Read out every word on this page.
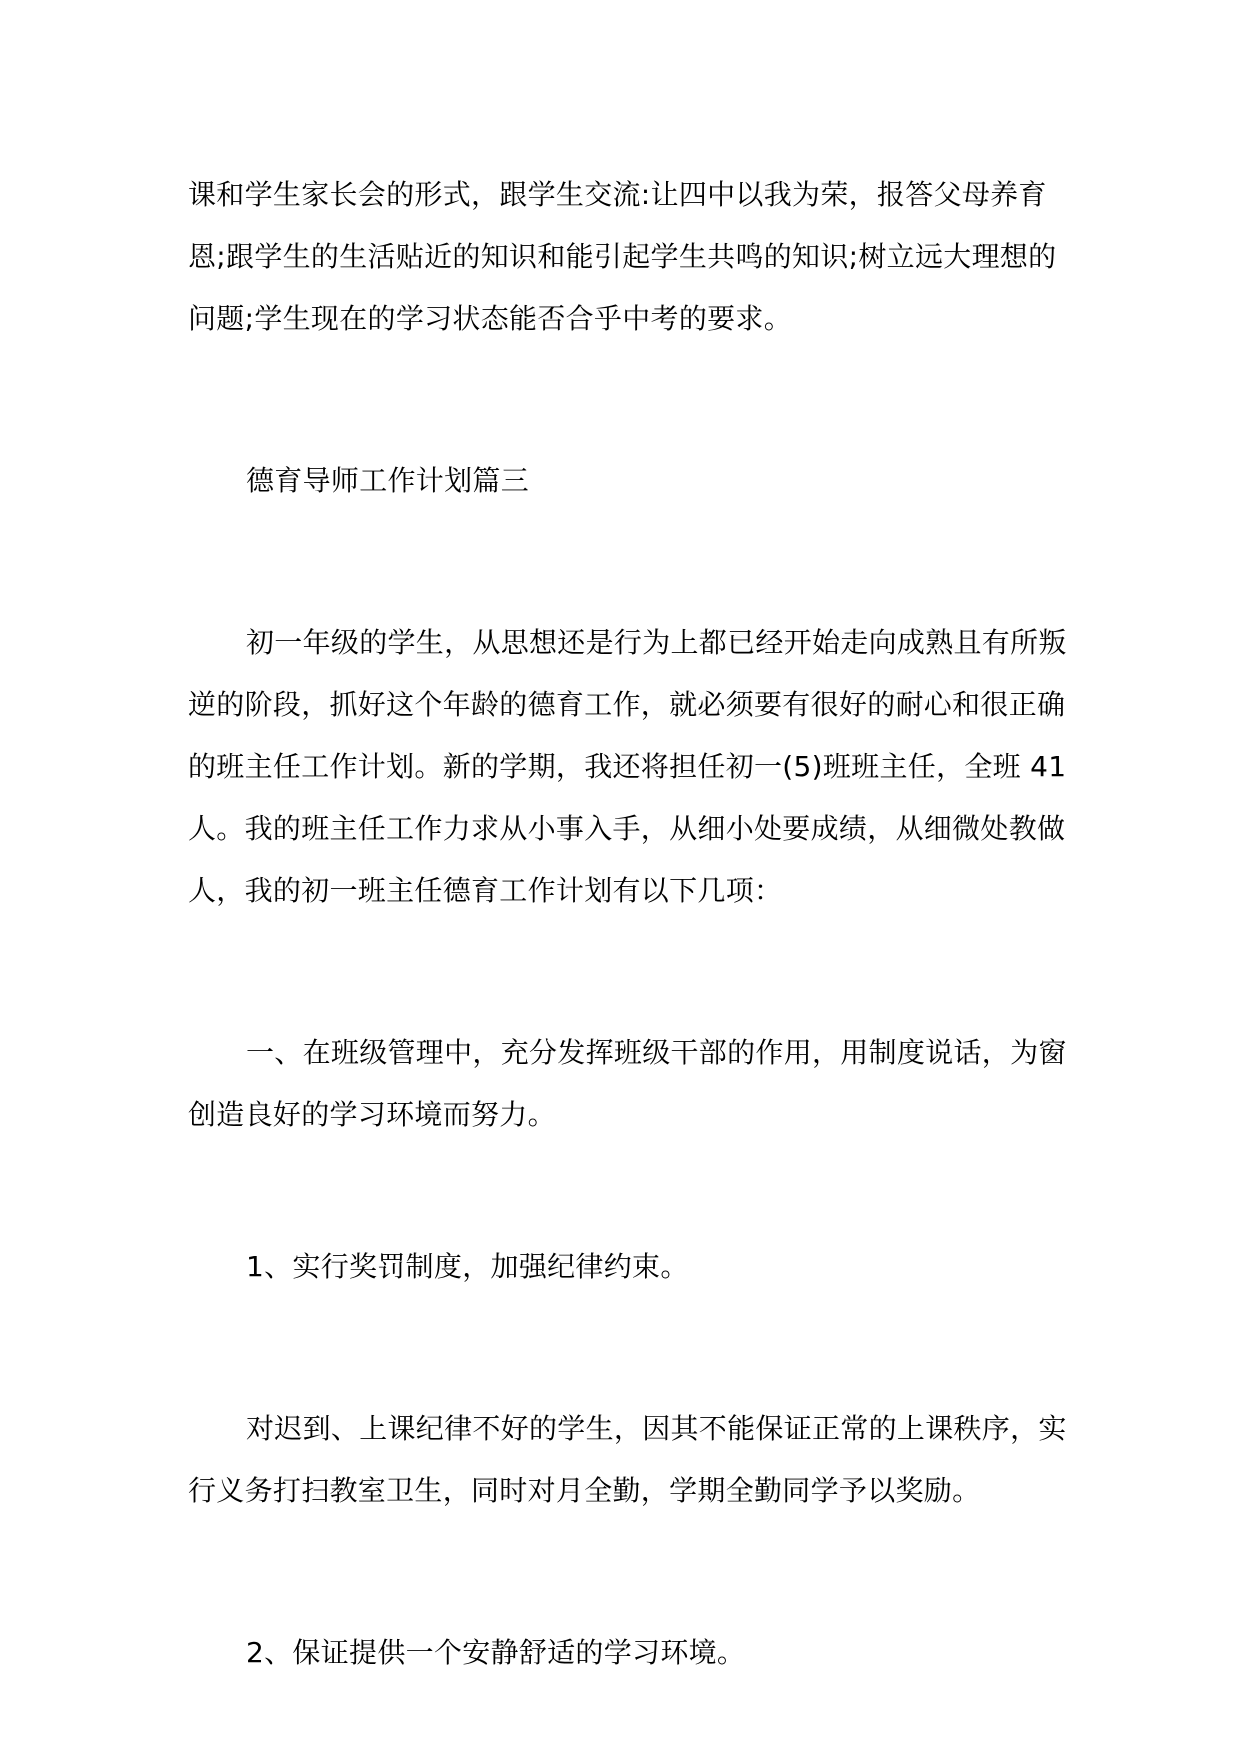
课和学生家长会的形式，跟学生交流:让四中以我为荣，报答父母养育恩;跟学生的生活贴近的知识和能引起学生共鸣的知识;树立远大理想的问题;学生现在的学习状态能否合乎中考的要求。

德育导师工作计划篇三

初一年级的学生，从思想还是行为上都已经开始走向成熟且有所叛逆的阶段，抓好这个年龄的德育工作，就必须要有很好的耐心和很正确的班主任工作计划。新的学期，我还将担任初一(5)班班主任，全班 41 人。我的班主任工作力求从小事入手，从细小处要成绩，从细微处教做人，我的初一班主任德育工作计划有以下几项：

一、在班级管理中，充分发挥班级干部的作用，用制度说话，为窗创造良好的学习环境而努力。

1、实行奖罚制度，加强纪律约束。

对迟到、上课纪律不好的学生，因其不能保证正常的上课秩序，实行义务打扫教室卫生，同时对月全勤，学期全勤同学予以奖励。

2、保证提供一个安静舒适的学习环境。
